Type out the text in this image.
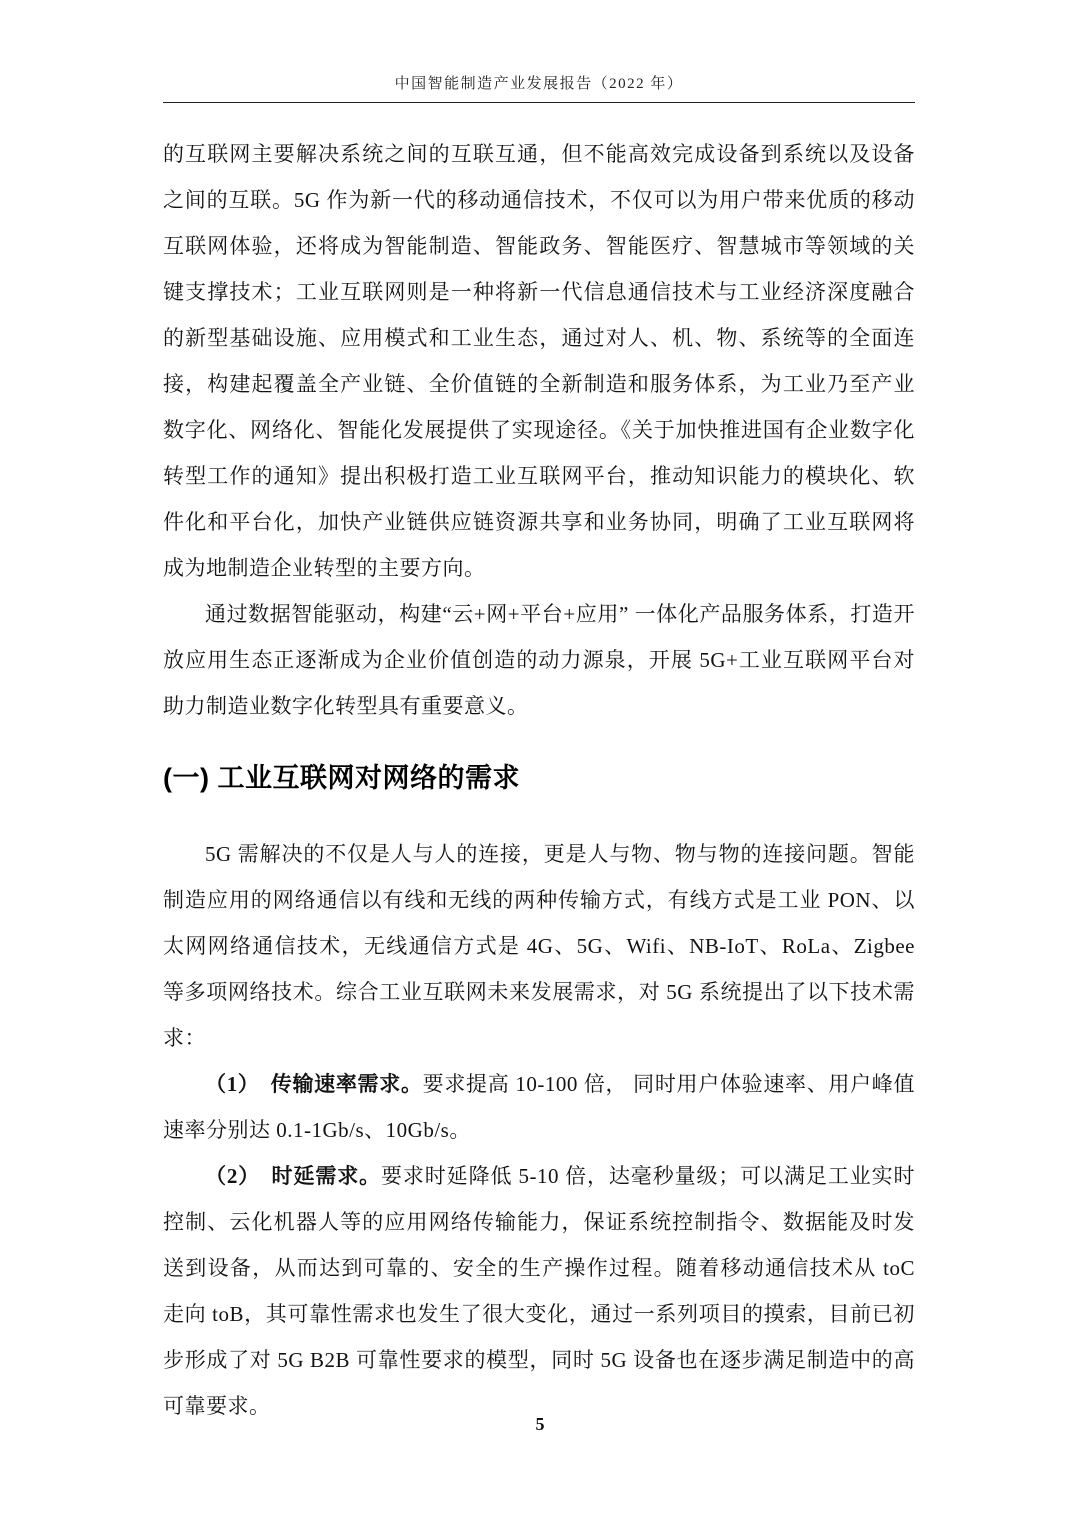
中国智能制造产业发展报告（2022 年）

的互联网主要解决系统之间的互联互通，但不能高效完成设备到系统以及设备之间的互联。5G 作为新一代的移动通信技术，不仅可以为用户带来优质的移动互联网体验，还将成为智能制造、智能政务、智能医疗、智慧城市等领域的关键支撑技术；工业互联网则是一种将新一代信息通信技术与工业经济深度融合的新型基础设施、应用模式和工业生态，通过对人、机、物、系统等的全面连接，构建起覆盖全产业链、全价值链的全新制造和服务体系，为工业乃至产业数字化、网络化、智能化发展提供了实现途径。《关于加快推进国有企业数字化转型工作的通知》提出积极打造工业互联网平台，推动知识能力的模块化、软件化和平台化，加快产业链供应链资源共享和业务协同，明确了工业互联网将成为地制造企业转型的主要方向。

通过数据智能驱动，构建“云+网+平台+应用” 一体化产品服务体系，打造开放应用生态正逐渐成为企业价值创造的动力源泉，开展 5G+工业互联网平台对助力制造业数字化转型具有重要意义。

(一) 工业互联网对网络的需求

5G 需解决的不仅是人与人的连接，更是人与物、物与物的连接问题。智能制造应用的网络通信以有线和无线的两种传输方式，有线方式是工业 PON、以太网网络通信技术，无线通信方式是 4G、5G、Wifi、NB-IoT、RoLa、Zigbee 等多项网络技术。综合工业互联网未来发展需求，对 5G 系统提出了以下技术需求：

（1）　传输速率需求。要求提高 10-100 倍， 同时用户体验速率、用户峰值速率分别达 0.1-1Gb/s、10Gb/s。

（2）　时延需求。要求时延降低 5-10 倍，达毫秒量级；可以满足工业实时控制、云化机器人等的应用网络传输能力，保证系统控制指令、数据能及时发送到设备，从而达到可靠的、安全的生产操作过程。随着移动通信技术从 toC 走向 toB，其可靠性需求也发生了很大变化，通过一系列项目的摸索，目前已初步形成了对 5G B2B 可靠性要求的模型，同时 5G 设备也在逐步满足制造中的高可靠要求。

5
